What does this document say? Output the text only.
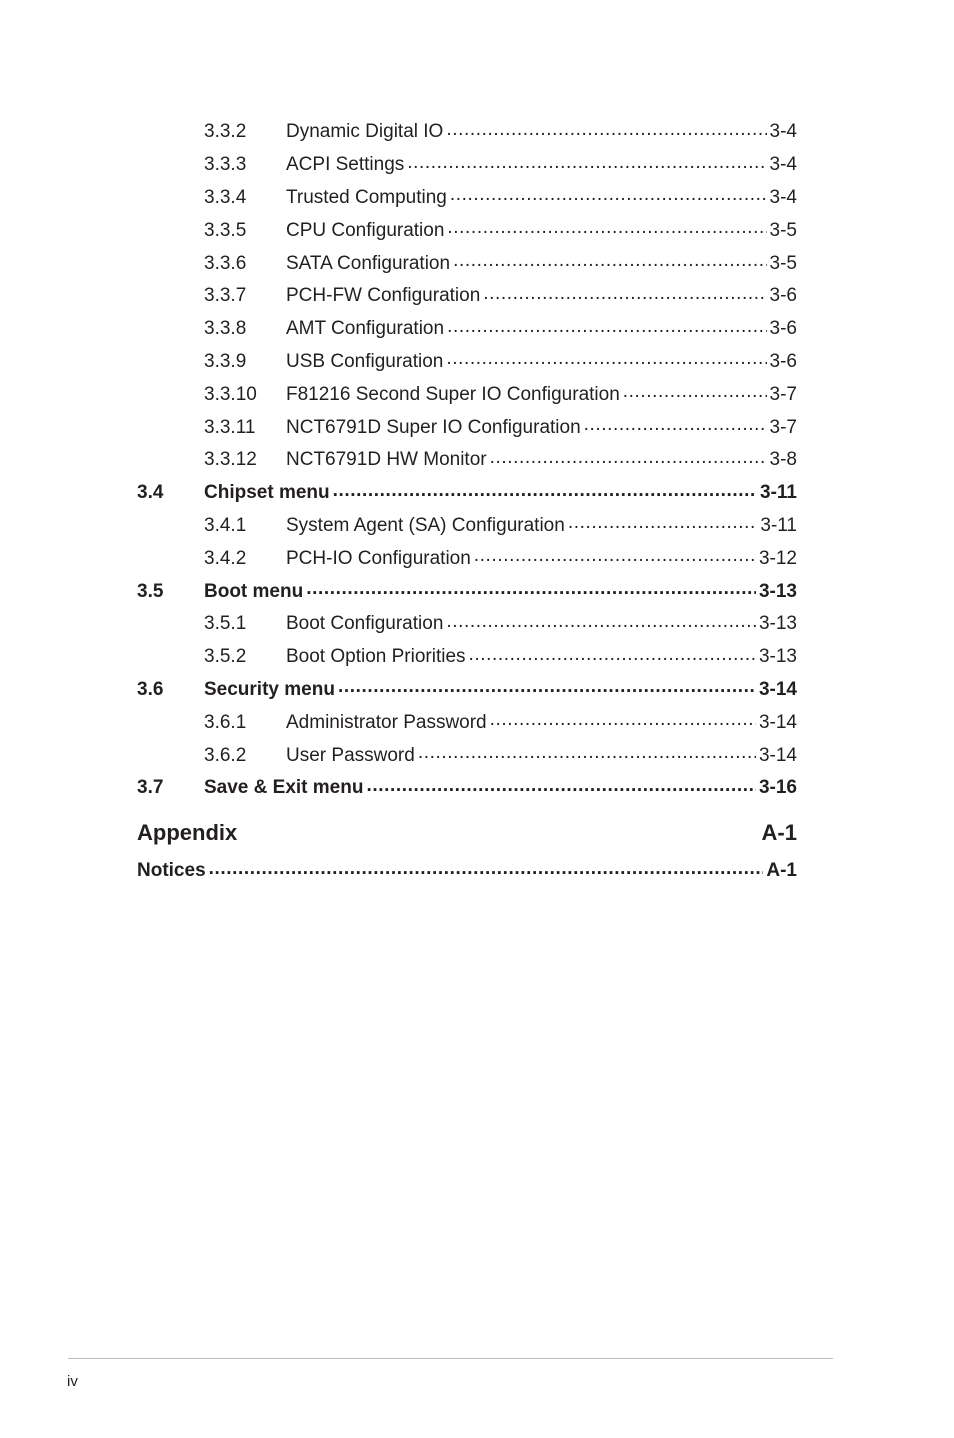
3.3.2	Dynamic Digital IO .....	3-4
3.3.3	ACPI Settings .....	3-4
3.3.4	Trusted Computing .....	3-4
3.3.5	CPU Configuration .....	3-5
3.3.6	SATA Configuration .....	3-5
3.3.7	PCH-FW Configuration .....	3-6
3.3.8	AMT Configuration .....	3-6
3.3.9	USB Configuration .....	3-6
3.3.10	F81216 Second Super IO Configuration .....	3-7
3.3.11	NCT6791D Super IO Configuration .....	3-7
3.3.12	NCT6791D HW Monitor .....	3-8
3.4	Chipset menu .....	3-11
3.4.1	System Agent (SA) Configuration .....	3-11
3.4.2	PCH-IO Configuration .....	3-12
3.5	Boot menu .....	3-13
3.5.1	Boot Configuration .....	3-13
3.5.2	Boot Option Priorities .....	3-13
3.6	Security menu .....	3-14
3.6.1	Administrator Password .....	3-14
3.6.2	User Password .....	3-14
3.7	Save & Exit menu .....	3-16
Appendix	A-1
Notices .....	A-1
iv
